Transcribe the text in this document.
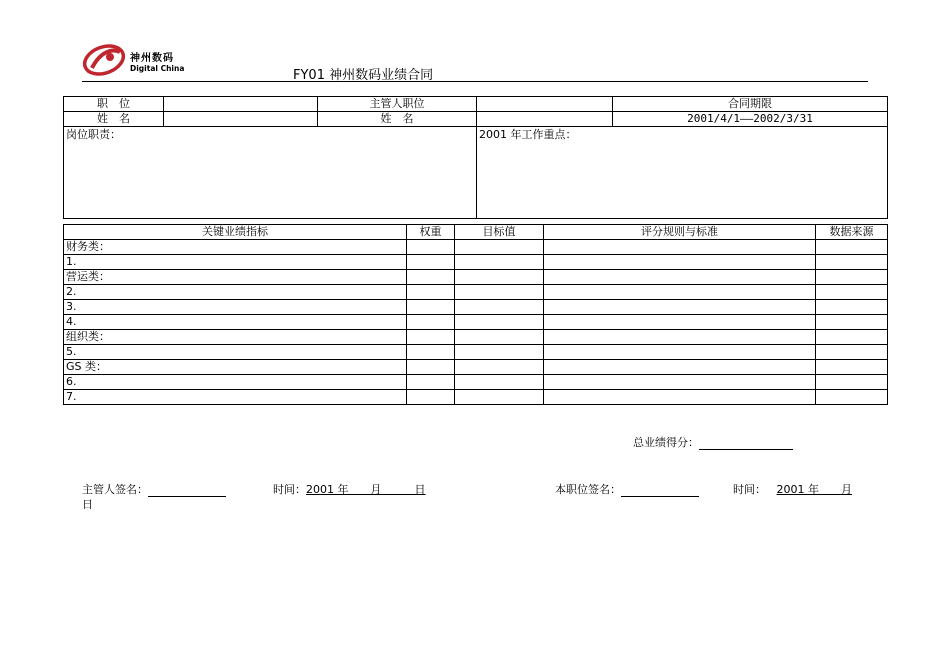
神州数码
Digital China	FY01 神州数码业绩合同
职　位		主管人职位		合同期限
姓　名		姓　名		2001/4/1——2002/3/31
岗位职责：			2001 年工作重点：	
关键业绩指标	权重	目标值	评分规则与标准	数据来源
财务类：				
1.				
营运类：				
2.				
3.				
4.				
组织类：				
5.				
GS 类：				
6.				
7.				
总业绩得分：
主管人签名：	时间：2001 年　　月　　　日
日
本职位签名：	时间： 2001 年　　月
